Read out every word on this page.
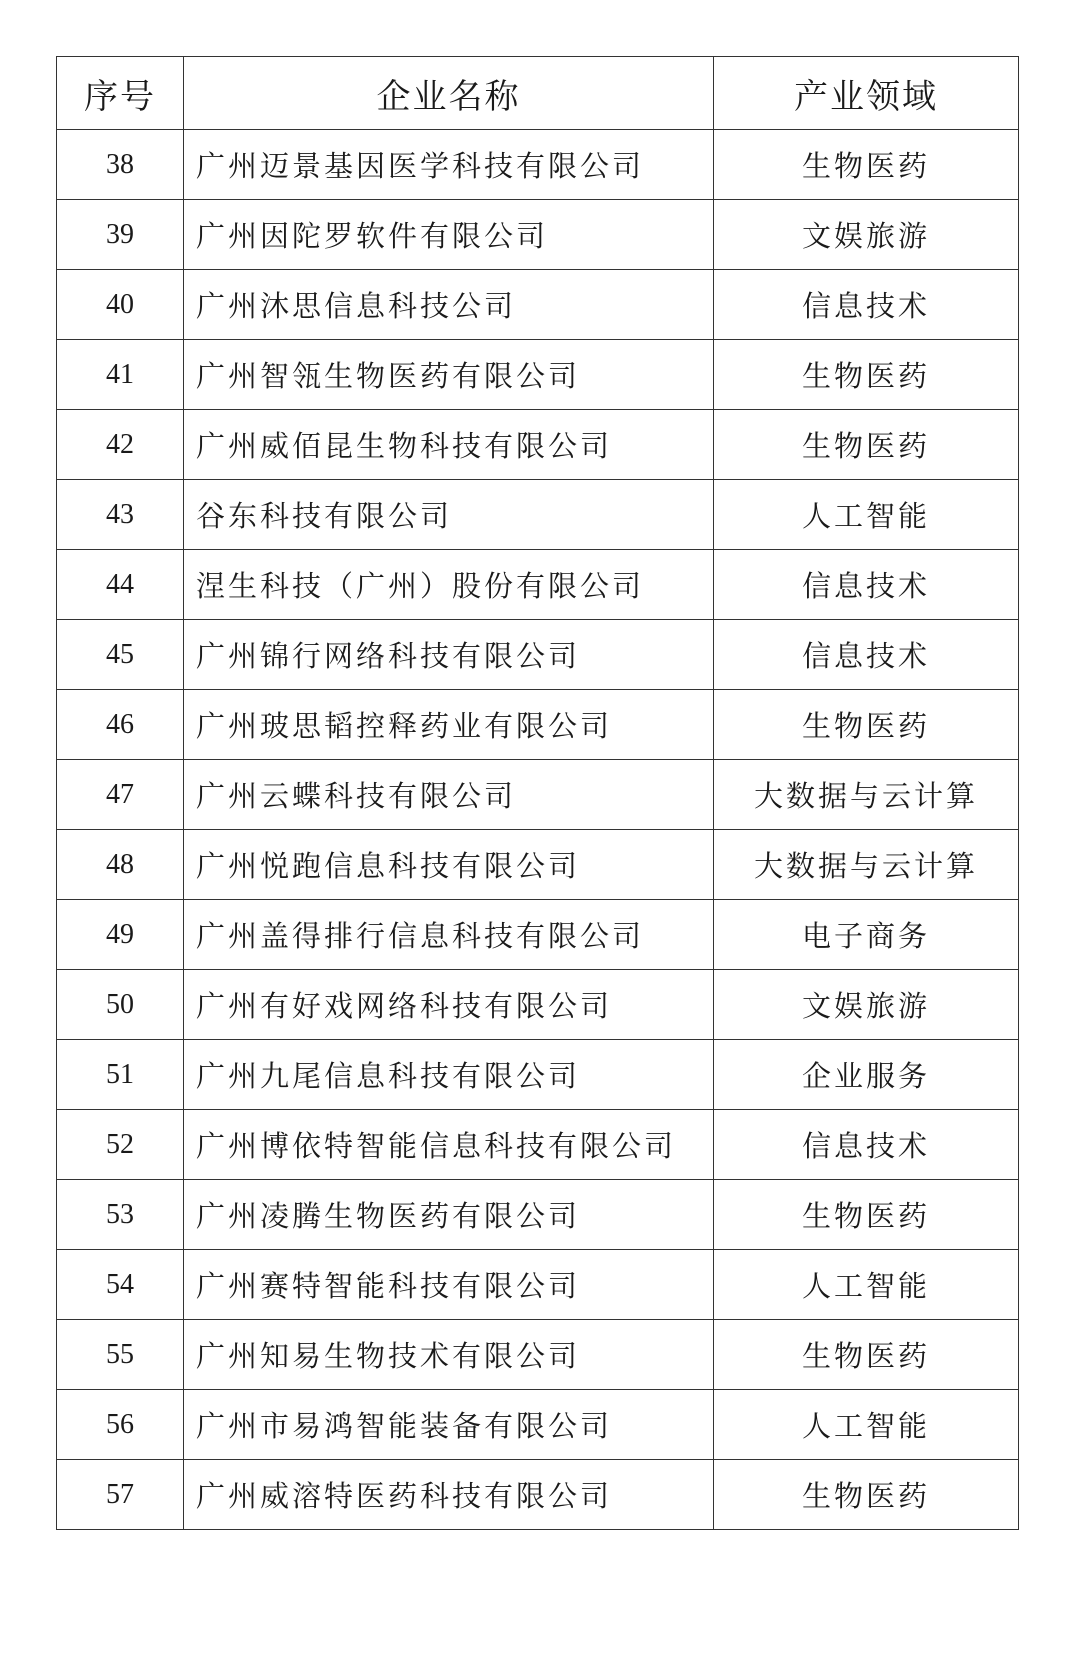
序号	企业名称	产业领域
38	广州迈景基因医学科技有限公司	生物医药
39	广州因陀罗软件有限公司	文娱旅游
40	广州沐思信息科技公司	信息技术
41	广州智瓴生物医药有限公司	生物医药
42	广州威佰昆生物科技有限公司	生物医药
43	谷东科技有限公司	人工智能
44	涅生科技（广州）股份有限公司	信息技术
45	广州锦行网络科技有限公司	信息技术
46	广州玻思韬控释药业有限公司	生物医药
47	广州云蝶科技有限公司	大数据与云计算
48	广州悦跑信息科技有限公司	大数据与云计算
49	广州盖得排行信息科技有限公司	电子商务
50	广州有好戏网络科技有限公司	文娱旅游
51	广州九尾信息科技有限公司	企业服务
52	广州博依特智能信息科技有限公司	信息技术
53	广州凌腾生物医药有限公司	生物医药
54	广州赛特智能科技有限公司	人工智能
55	广州知易生物技术有限公司	生物医药
56	广州市易鸿智能装备有限公司	人工智能
57	广州威溶特医药科技有限公司	生物医药
